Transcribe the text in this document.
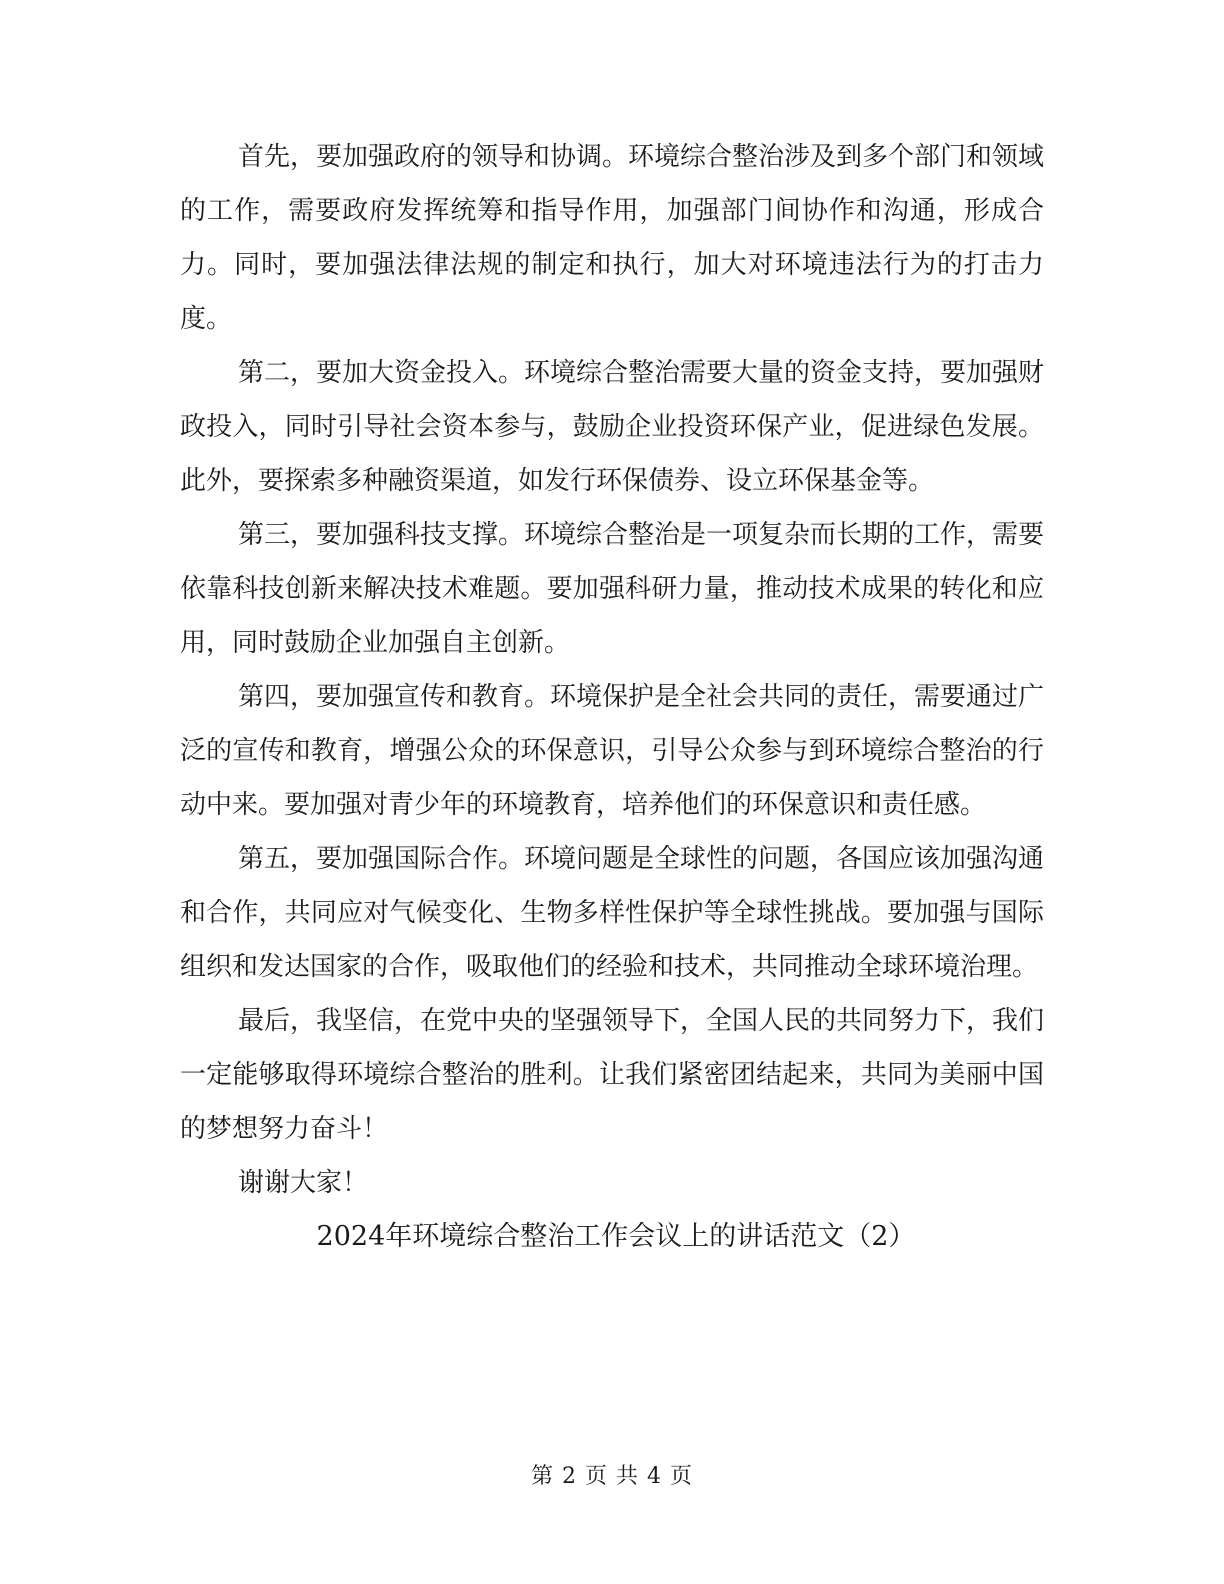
首先，要加强政府的领导和协调。环境综合整治涉及到多个部门和领域的工作，需要政府发挥统筹和指导作用，加强部门间协作和沟通，形成合力。同时，要加强法律法规的制定和执行，加大对环境违法行为的打击力度。

第二，要加大资金投入。环境综合整治需要大量的资金支持，要加强财政投入，同时引导社会资本参与，鼓励企业投资环保产业，促进绿色发展。此外，要探索多种融资渠道，如发行环保债券、设立环保基金等。

第三，要加强科技支撑。环境综合整治是一项复杂而长期的工作，需要依靠科技创新来解决技术难题。要加强科研力量，推动技术成果的转化和应用，同时鼓励企业加强自主创新。

第四，要加强宣传和教育。环境保护是全社会共同的责任，需要通过广泛的宣传和教育，增强公众的环保意识，引导公众参与到环境综合整治的行动中来。要加强对青少年的环境教育，培养他们的环保意识和责任感。

第五，要加强国际合作。环境问题是全球性的问题，各国应该加强沟通和合作，共同应对气候变化、生物多样性保护等全球性挑战。要加强与国际组织和发达国家的合作，吸取他们的经验和技术，共同推动全球环境治理。

最后，我坚信，在党中央的坚强领导下，全国人民的共同努力下，我们一定能够取得环境综合整治的胜利。让我们紧密团结起来，共同为美丽中国的梦想努力奋斗！

谢谢大家！

2024年环境综合整治工作会议上的讲话范文（2）

第 2 页 共 4 页
